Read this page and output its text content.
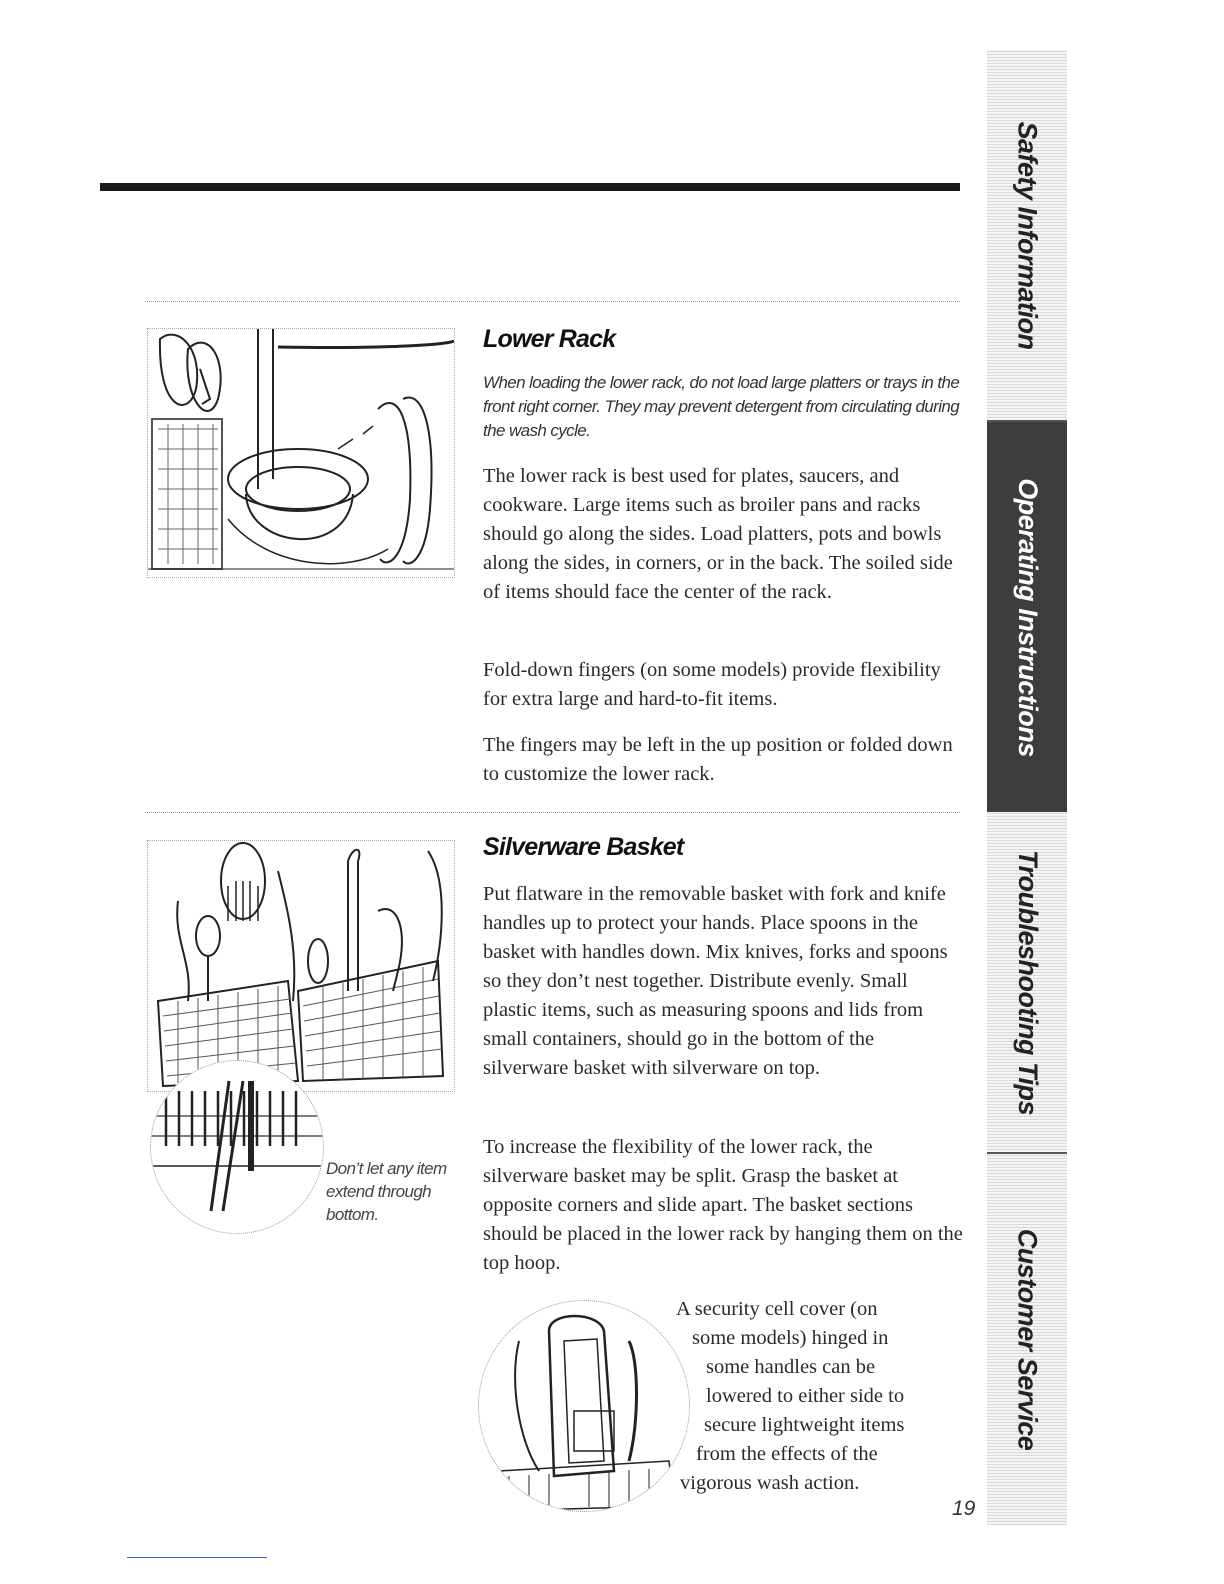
Lower Rack

When loading the lower rack, do not load large platters or trays in the front right corner. They may prevent detergent from circulating during the wash cycle.

The lower rack is best used for plates, saucers, and cookware. Large items such as broiler pans and racks should go along the sides. Load platters, pots and bowls along the sides, in corners, or in the back. The soiled side of items should face the center of the rack.

Fold-down fingers (on some models) provide flexibility for extra large and hard-to-fit items.

The fingers may be left in the up position or folded down to customize the lower rack.

Don’t let any item extend through bottom.

Silverware Basket

Put flatware in the removable basket with fork and knife handles up to protect your hands. Place spoons in the basket with handles down. Mix knives, forks and spoons so they don’t nest together. Distribute evenly. Small plastic items, such as measuring spoons and lids from small containers, should go in the bottom of the silverware basket with silverware on top.

To increase the flexibility of the lower rack, the silverware basket may be split. Grasp the basket at opposite corners and slide apart. The basket sections should be placed in the lower rack by hanging them on the top hoop.

A security cell cover (on
some models) hinged in
some handles can be
lowered to either side to
secure lightweight items
from the effects of the
vigorous wash action.

19
Safety Information
Operating Instructions
Troubleshooting Tips
Customer Service
